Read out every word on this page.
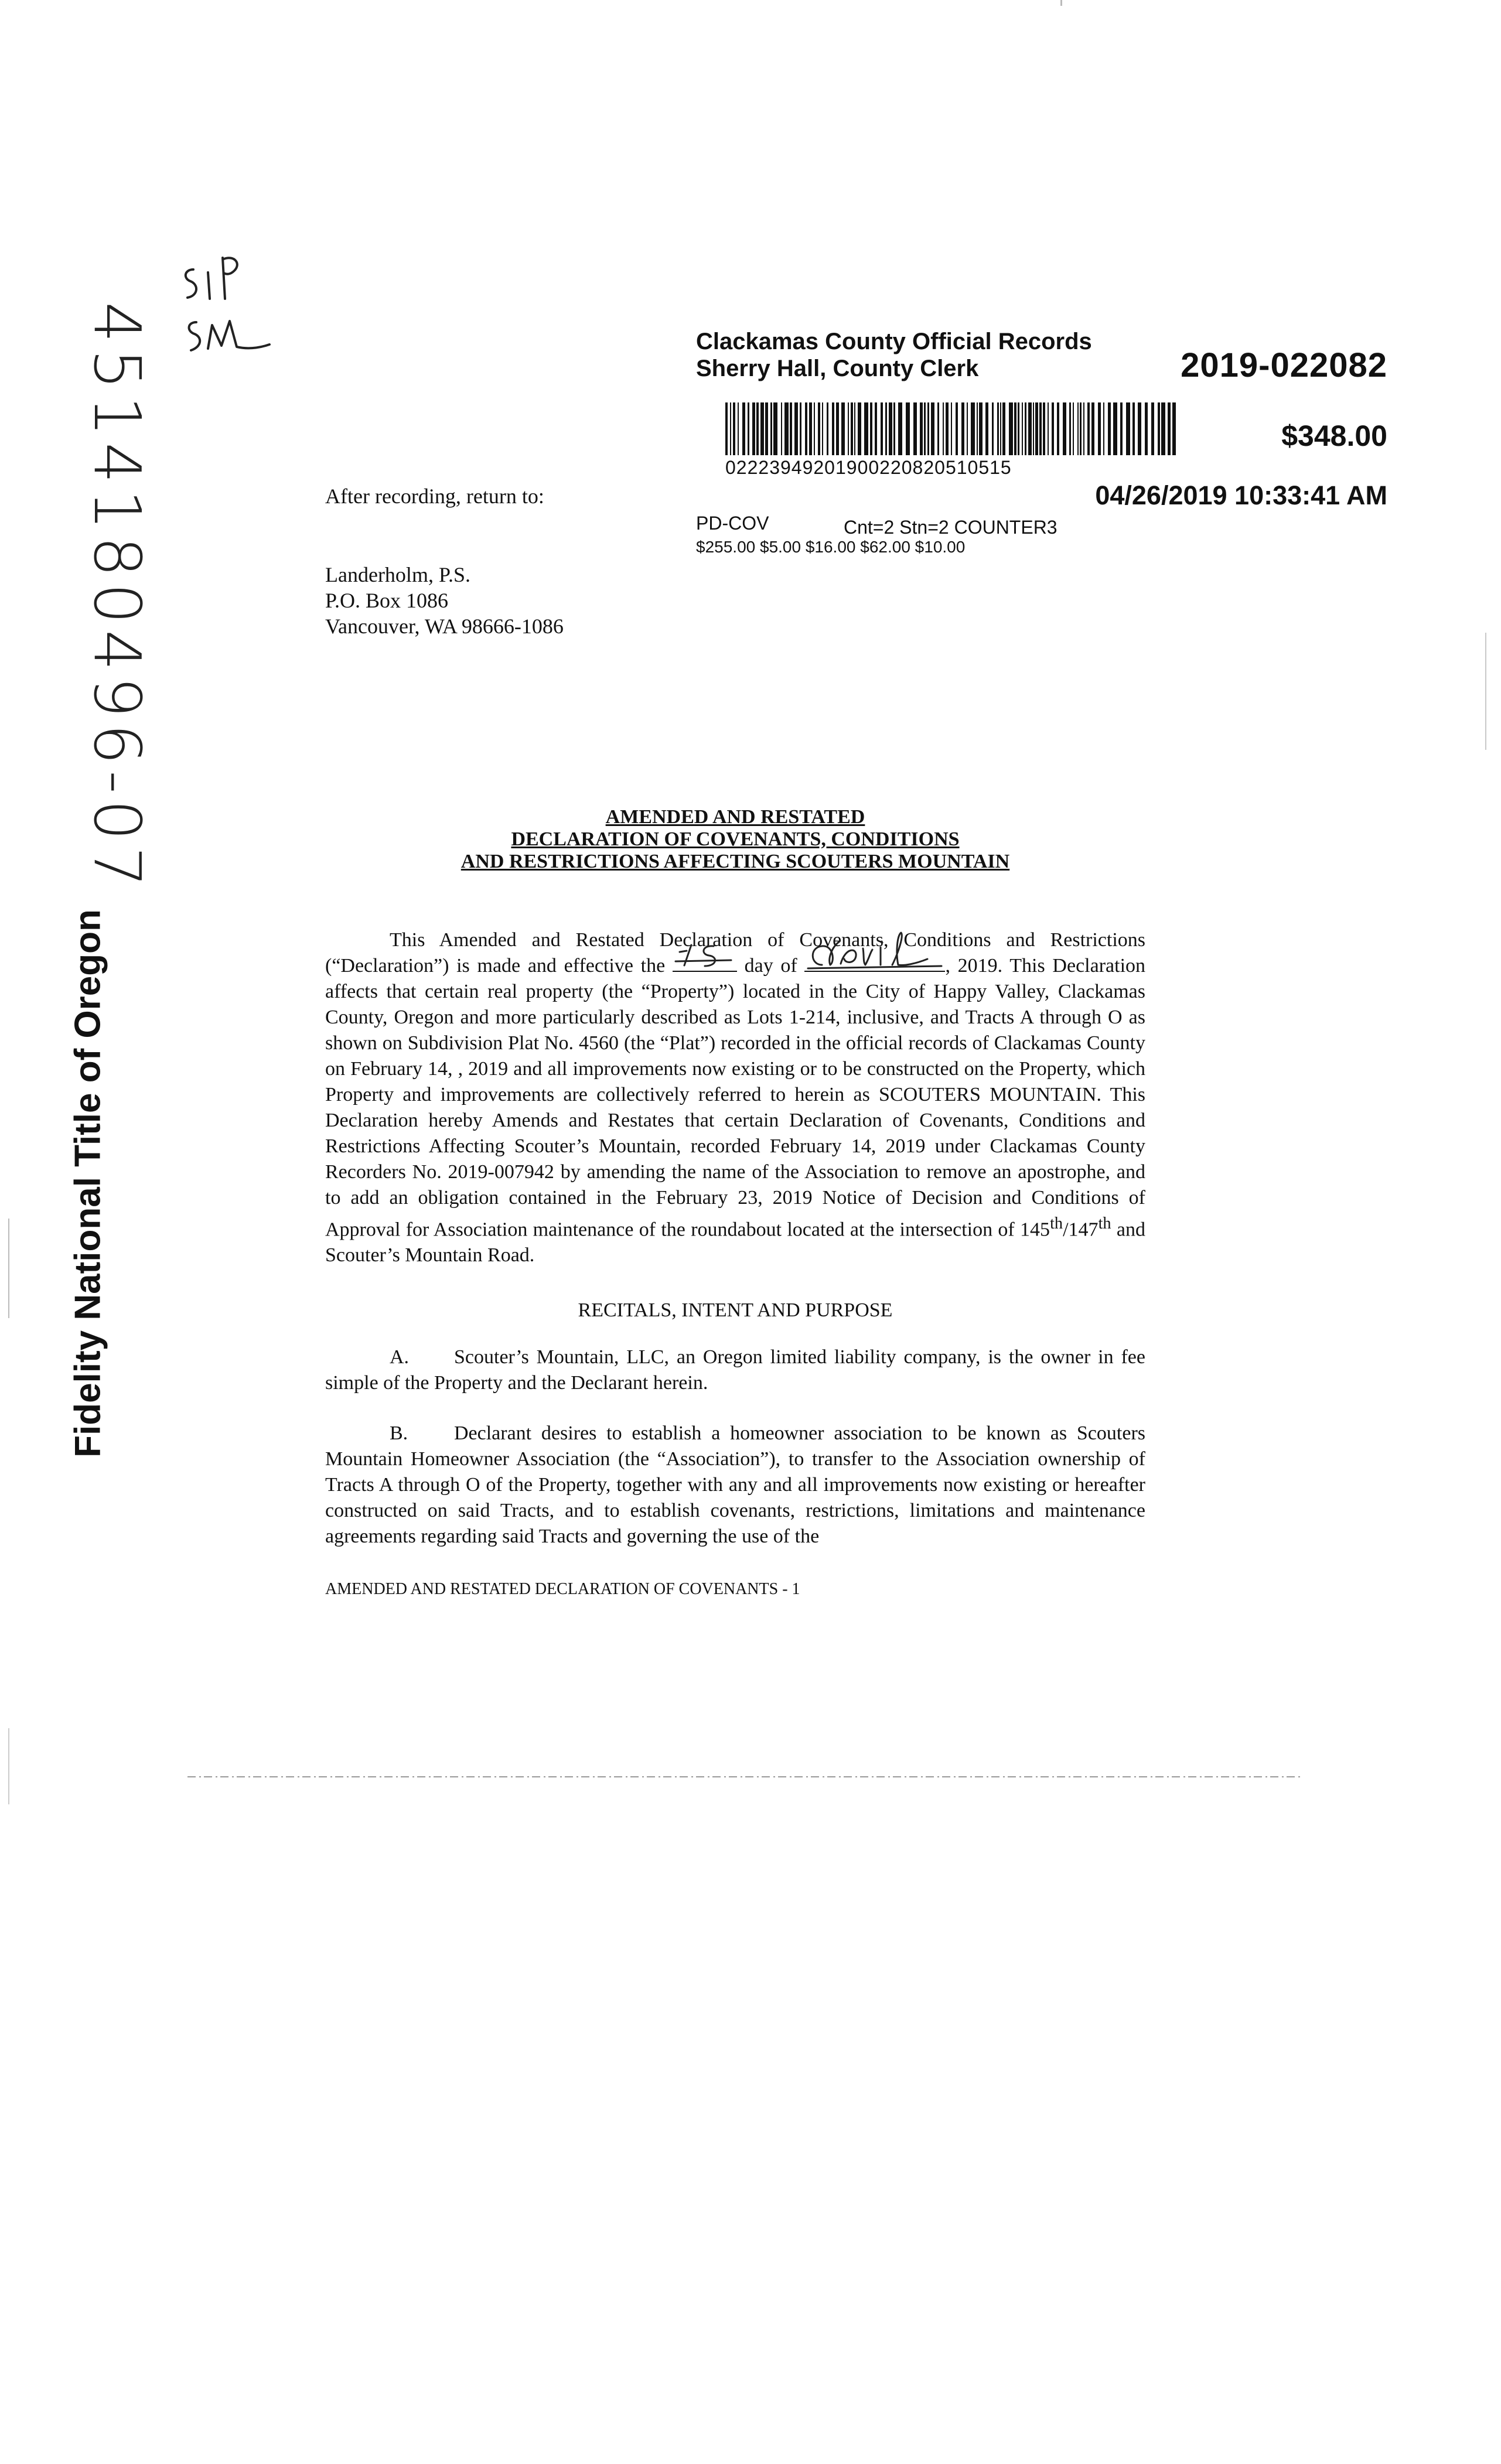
Fidelity National Title of Oregon
4514180496-07	After recording, return to:
Landerholm, P.S.
P.O. Box 1086
Vancouver, WA 98666-1086
Clackamas County Official Records
Sherry Hall, County Clerk	2019-022082
02223949201900220820510515
$348.00
04/26/2019 10:33:41 AM
PD-COV	Cnt=2 Stn=2 COUNTER3
$255.00 $5.00 $16.00 $62.00 $10.00
AMENDED AND RESTATED
DECLARATION OF COVENANTS, CONDITIONS
AND RESTRICTIONS AFFECTING SCOUTERS MOUNTAIN
This Amended and Restated Declaration of Covenants, Conditions and Restrictions (“Declaration”) is made and effective the	day of	, 2019. This Declaration affects that certain real property (the “Property”) located in the City of Happy Valley, Clackamas County, Oregon and more particularly described as Lots 1-214, inclusive, and Tracts A through O as shown on Subdivision Plat No. 4560 (the “Plat”) recorded in the official records of Clackamas County on February 14, , 2019 and all improvements now existing or to be constructed on the Property, which Property and improvements are collectively referred to herein as SCOUTERS MOUNTAIN. This Declaration hereby Amends and Restates that certain Declaration of Covenants, Conditions and Restrictions Affecting Scouter’s Mountain, recorded February 14, 2019 under Clackamas County Recorders No. 2019-007942 by amending the name of the Association to remove an apostrophe, and to add an obligation contained in the February 23, 2019 Notice of Decision and Conditions of Approval for Association maintenance of the roundabout located at the intersection of 145th/147th and Scouter’s Mountain Road.
RECITALS, INTENT AND PURPOSE
A. Scouter’s Mountain, LLC, an Oregon limited liability company, is the owner in fee simple of the Property and the Declarant herein.
B. Declarant desires to establish a homeowner association to be known as Scouters Mountain Homeowner Association (the “Association”), to transfer to the Association ownership of Tracts A through O of the Property, together with any and all improvements now existing or hereafter constructed on said Tracts, and to establish covenants, restrictions, limitations and maintenance agreements regarding said Tracts and governing the use of the
AMENDED AND RESTATED DECLARATION OF COVENANTS - 1
